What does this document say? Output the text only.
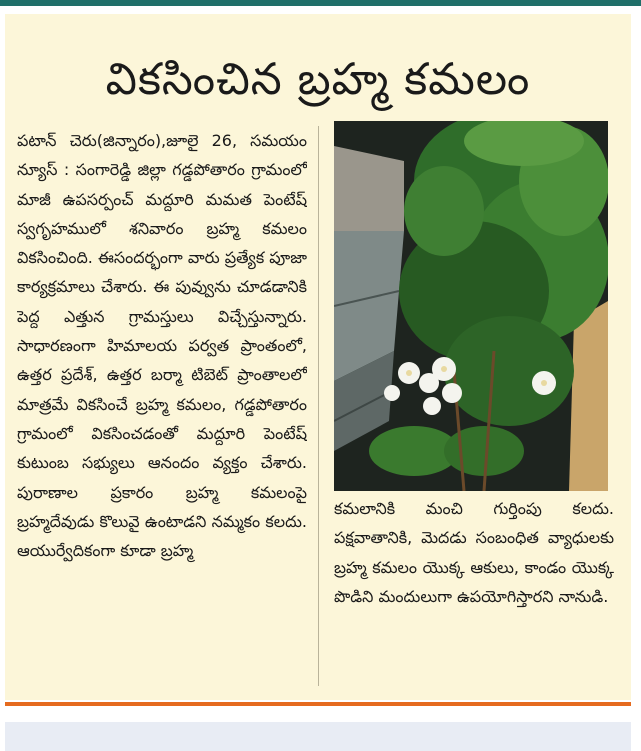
వికసించిన బ్రహ్మ కమలం
పటాన్ చెరు(జిన్నారం),జూలై 26, సమయం న్యూస్ : సంగారెడ్డి జిల్లా గడ్డపోతారం గ్రామంలో మాజీ ఉపసర్పంచ్ మద్దూరి మమత పెంటేష్ స్వగృహములో శనివారం బ్రహ్మ కమలం వికసించింది. ఈసందర్భంగా వారు ప్రత్యేక పూజా కార్యక్రమాలు చేశారు. ఈ పువ్వును చూడడానికి పెద్ద ఎత్తున గ్రామస్తులు విచ్చేస్తున్నారు. సాధారణంగా హిమాలయ పర్వత ప్రాంతంలో, ఉత్తర ప్రదేశ్, ఉత్తర బర్మా టిబెట్ ప్రాంతాలలో మాత్రమే వికసించే బ్రహ్మ కమలం, గడ్డపోతారం గ్రామంలో వికసించడంతో మద్దూరి పెంటేష్ కుటుంబ సభ్యులు ఆనందం వ్యక్తం చేశారు. పురాణాల ప్రకారం బ్రహ్మ కమలంపై బ్రహ్మదేవుడు కొలువై ఉంటాడని నమ్మకం కలదు. ఆయుర్వేదికంగా కూడా బ్రహ్మ
కమలానికి మంచి గుర్తింపు కలదు. పక్షవాతానికి, మెదడు సంబంధిత వ్యాధులకు బ్రహ్మ కమలం యొక్క ఆకులు, కాండం యొక్క పొడిని మందులుగా ఉపయోగిస్తారని నానుడి.
